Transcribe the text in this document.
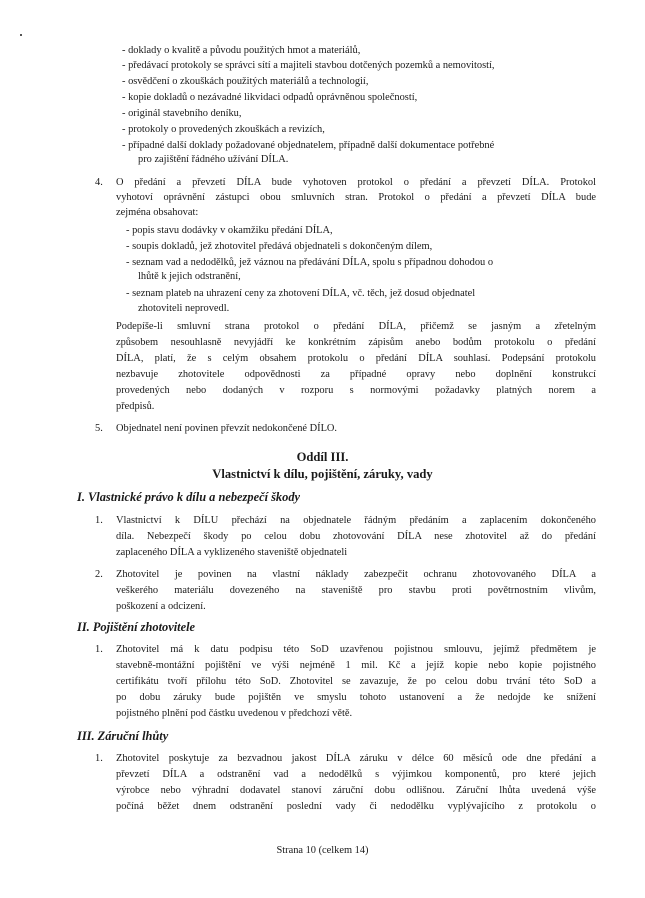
- doklady o kvalitě a původu použitých hmot a materiálů,
- předávací protokoly se správci sítí a majiteli stavbou dotčených pozemků a nemovitostí,
- osvědčení o zkouškách použitých materiálů a technologií,
- kopie dokladů o nezávadné likvidaci odpadů oprávněnou společností,
- originál stavebního deníku,
- protokoly o provedených zkouškách a revizích,
- případné další doklady požadované objednatelem, případně další dokumentace potřebné
pro zajištění řádného užívání DÍLA.
4. O předání a převzetí DÍLA bude vyhotoven protokol o předání a převzetí DÍLA. Protokol
vyhotoví oprávnění zástupci obou smluvních stran. Protokol o předání a převzetí DÍLA bude
zejména obsahovat:
- popis stavu dodávky v okamžiku předání DÍLA,
- soupis dokladů, jež zhotovitel předává objednateli s dokončeným dílem,
- seznam vad a nedodělků, jež váznou na předávání DÍLA, spolu s případnou dohodou o
lhůtě k jejich odstranění,
- seznam plateb na uhrazení ceny za zhotovení DÍLA, vč. těch, jež dosud objednatel
zhotoviteli neprovedl.
Podepíše-li smluvní strana protokol o předání DÍLA, přičemž se jasným a zřetelným
způsobem nesouhlasně nevyjádří ke konkrétním zápisům anebo bodům protokolu o předání
DÍLA, platí, že s celým obsahem protokolu o předání DÍLA souhlasí. Podepsání protokolu
nezbavuje zhotovitele odpovědnosti za případné opravy nebo doplnění konstrukcí
provedených nebo dodaných v rozporu s normovými požadavky platných norem a
předpisů.
5. Objednatel není povinen převzít nedokončené DÍLO.
Oddíl III.
Vlastnictví k dílu, pojištění, záruky, vady
I. Vlastnické právo k dílu a nebezpečí škody
1. Vlastnictví k DÍLU přechází na objednatele řádným předáním a zaplacením dokončeného
díla. Nebezpečí škody po celou dobu zhotovování DÍLA nese zhotovitel až do předání
zaplaceného DÍLA a vyklizeného staveniště objednateli
2. Zhotovitel je povinen na vlastní náklady zabezpečit ochranu zhotovovaného DÍLA a
veškerého materiálu dovezeného na staveniště pro stavbu proti povětrnostním vlivům,
poškození a odcizení.
II. Pojištění zhotovitele
1. Zhotovitel má k datu podpisu této SoD uzavřenou pojistnou smlouvu, jejímž předmětem je
stavebně-montážní pojištění ve výši nejméně 1 mil. Kč a jejíž kopie nebo kopie pojistného
certifikátu tvoří přílohu této SoD. Zhotovitel se zavazuje, že po celou dobu trvání této SoD a
po dobu záruky bude pojištěn ve smyslu tohoto ustanovení a že nedojde ke snížení
pojistného plnění pod částku uvedenou v předchozí větě.
III. Záruční lhůty
1. Zhotovitel poskytuje za bezvadnou jakost DÍLA záruku v délce 60 měsíců ode dne předání a
převzetí DÍLA a odstranění vad a nedodělků s výjimkou komponentů, pro které jejich
výrobce nebo výhradní dodavatel stanoví záruční dobu odlišnou. Záruční lhůta uvedená výše
počíná běžet dnem odstranění poslední vady či nedodělku vyplývajícího z protokolu o
Strana 10 (celkem 14)
